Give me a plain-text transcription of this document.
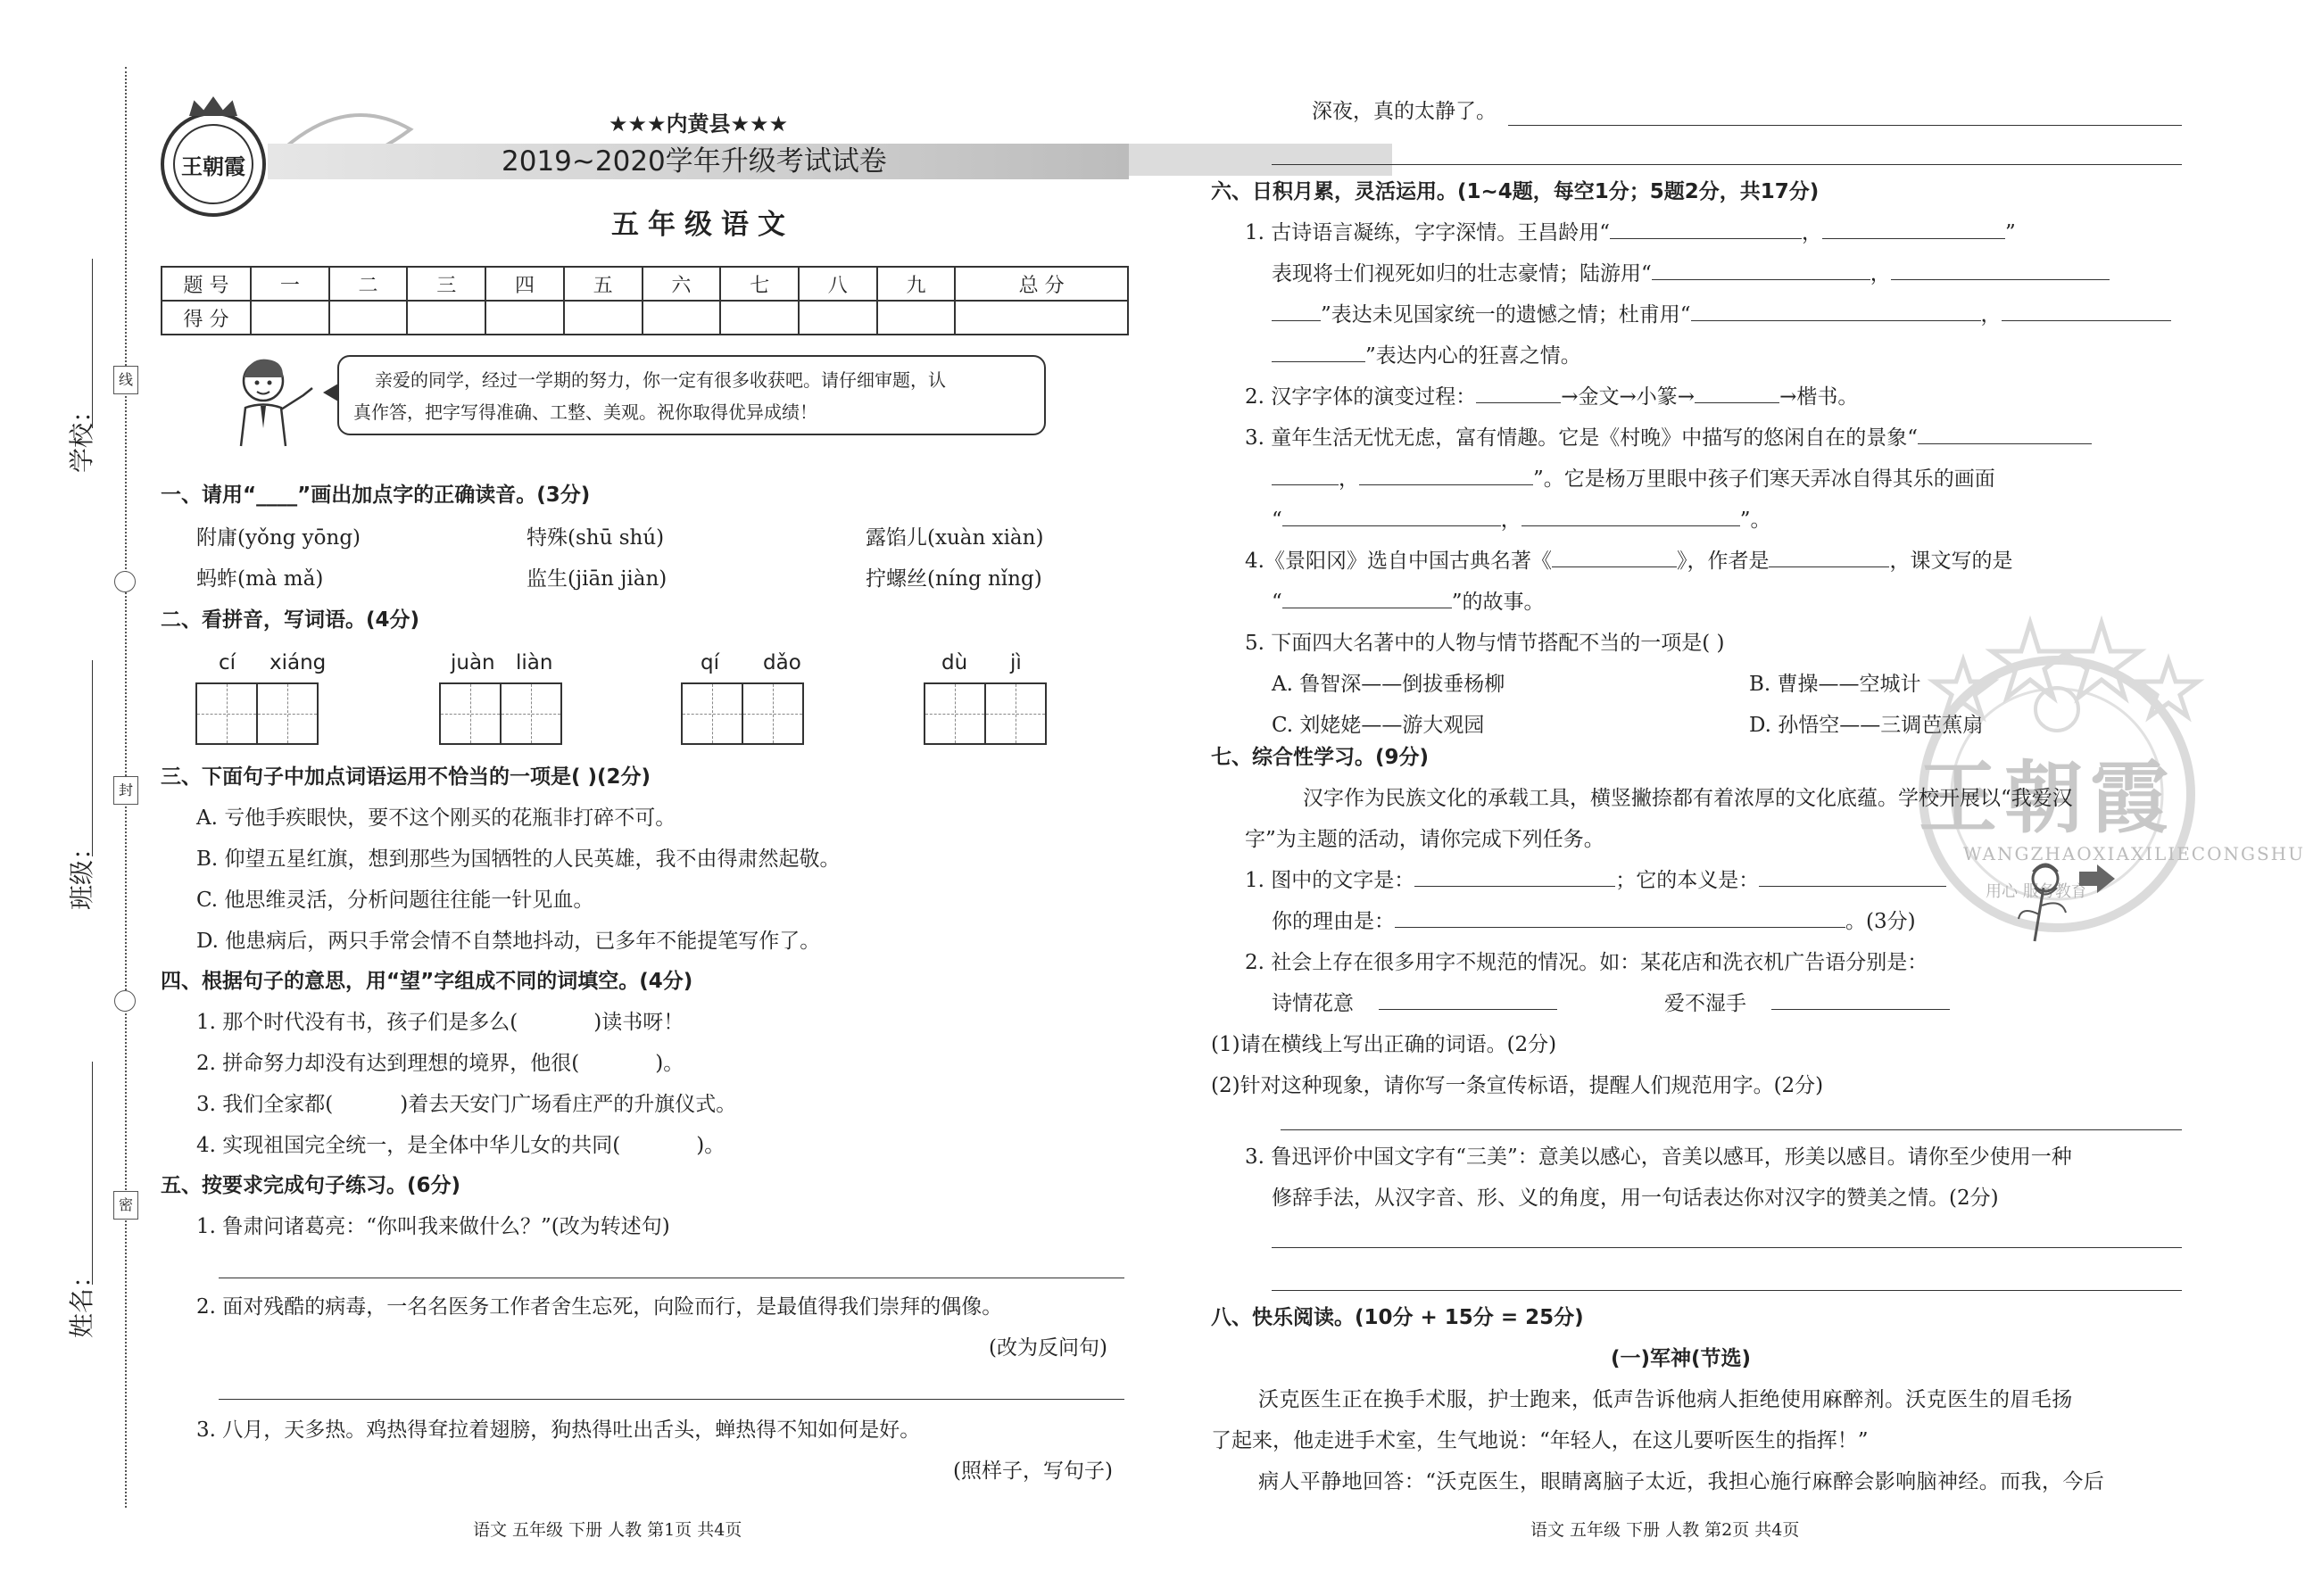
线
封
密
学校：
班级：
姓名：
王朝霞
★★★内黄县★★★
2019~2020学年升级考试试卷
五年级语文
题 号	一	二	三	四	五	六	七	八	九	总 分
得 分										
亲爱的同学，经过一学期的努力，你一定有很多收获吧。请仔细审题，认
真作答，把字写得准确、工整、美观。祝你取得优异成绩！
一、请用“____”画出加点字的正确读音。(3分)
附庸(yǒng yōng)	特殊(shū shú)	露馅儿(xuàn xiàn)
蚂蚱(mà mǎ)	监生(jiān jiàn)	拧螺丝(níng nǐng)
二、看拼音，写词语。(4分)
cí xiáng	juàn liàn	qí dǎo	dù jì
三、下面句子中加点词语运用不恰当的一项是( )(2分)
A. 亏他手疾眼快，要不这个刚买的花瓶非打碎不可。
B. 仰望五星红旗，想到那些为国牺牲的人民英雄，我不由得肃然起敬。
C. 他思维灵活，分析问题往往能一针见血。
D. 他患病后，两只手常会情不自禁地抖动，已多年不能提笔写作了。
四、根据句子的意思，用“望”字组成不同的词填空。(4分)
1. 那个时代没有书，孩子们是多么(	)读书呀！
2. 拼命努力却没有达到理想的境界，他很(	)。
3. 我们全家都(	)着去天安门广场看庄严的升旗仪式。
4. 实现祖国完全统一，是全体中华儿女的共同(	)。
五、按要求完成句子练习。(6分)
1. 鲁肃问诸葛亮：“你叫我来做什么？”(改为转述句)
2. 面对残酷的病毒，一名名医务工作者舍生忘死，向险而行，是最值得我们崇拜的偶像。
(改为反问句)
3. 八月，天多热。鸡热得耷拉着翅膀，狗热得吐出舌头，蝉热得不知如何是好。
(照样子，写句子)
语文 五年级 下册 人教 第1页 共4页
深夜，真的太静了。
六、日积月累，灵活运用。(1~4题，每空1分；5题2分，共17分)
1. 古诗语言凝练，字字深情。王昌龄用“	，	”
表现将士们视死如归的壮志豪情；陆游用“	，
”表达未见国家统一的遗憾之情；杜甫用“	，
”表达内心的狂喜之情。
2. 汉字字体的演变过程：	→金文→小篆→	→楷书。
3. 童年生活无忧无虑，富有情趣。它是《村晚》中描写的悠闲自在的景象“
，	”。它是杨万里眼中孩子们寒天弄冰自得其乐的画面
“	，	”。
4.《景阳冈》选自中国古典名著《	》，作者是	，课文写的是
“	”的故事。
5. 下面四大名著中的人物与情节搭配不当的一项是( )
A. 鲁智深——倒拔垂杨柳	B. 曹操——空城计
C. 刘姥姥——游大观园	D. 孙悟空——三调芭蕉扇
王朝霞
WANGZHAOXIAXILIECONGSHU
用心 服务教育
七、综合性学习。(9分)
汉字作为民族文化的承载工具，横竖撇捺都有着浓厚的文化底蕴。学校开展以“我爱汉
字”为主题的活动，请你完成下列任务。
1. 图中的文字是：	；它的本义是：
你的理由是：	。(3分)
2. 社会上存在很多用字不规范的情况。如：某花店和洗衣机广告语分别是：
诗情花意	爱不湿手
(1)请在横线上写出正确的词语。(2分)
(2)针对这种现象，请你写一条宣传标语，提醒人们规范用字。(2分)
3. 鲁迅评价中国文字有“三美”：意美以感心，音美以感耳，形美以感目。请你至少使用一种
修辞手法，从汉字音、形、义的角度，用一句话表达你对汉字的赞美之情。(2分)
八、快乐阅读。(10分 + 15分 = 25分)
(一)军神(节选)
沃克医生正在换手术服，护士跑来，低声告诉他病人拒绝使用麻醉剂。沃克医生的眉毛扬
了起来，他走进手术室，生气地说：“年轻人，在这儿要听医生的指挥！”
病人平静地回答：“沃克医生，眼睛离脑子太近，我担心施行麻醉会影响脑神经。而我，今后
语文 五年级 下册 人教 第2页 共4页
